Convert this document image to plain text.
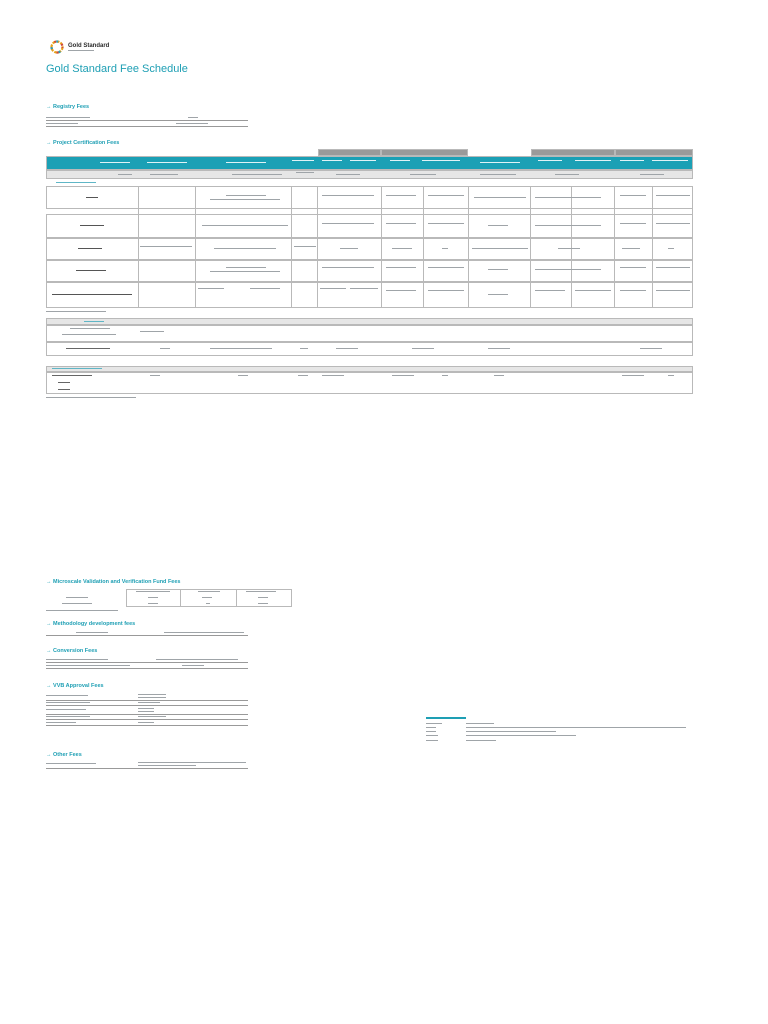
Gold Standard
Gold Standard Fee Schedule
→ Registry Fees
→ Project Certification Fees
→ Microscale Validation and Verification Fund Fees
→ Methodology development fees
→ Conversion Fees
→ VVB Approval Fees
→ Other Fees
